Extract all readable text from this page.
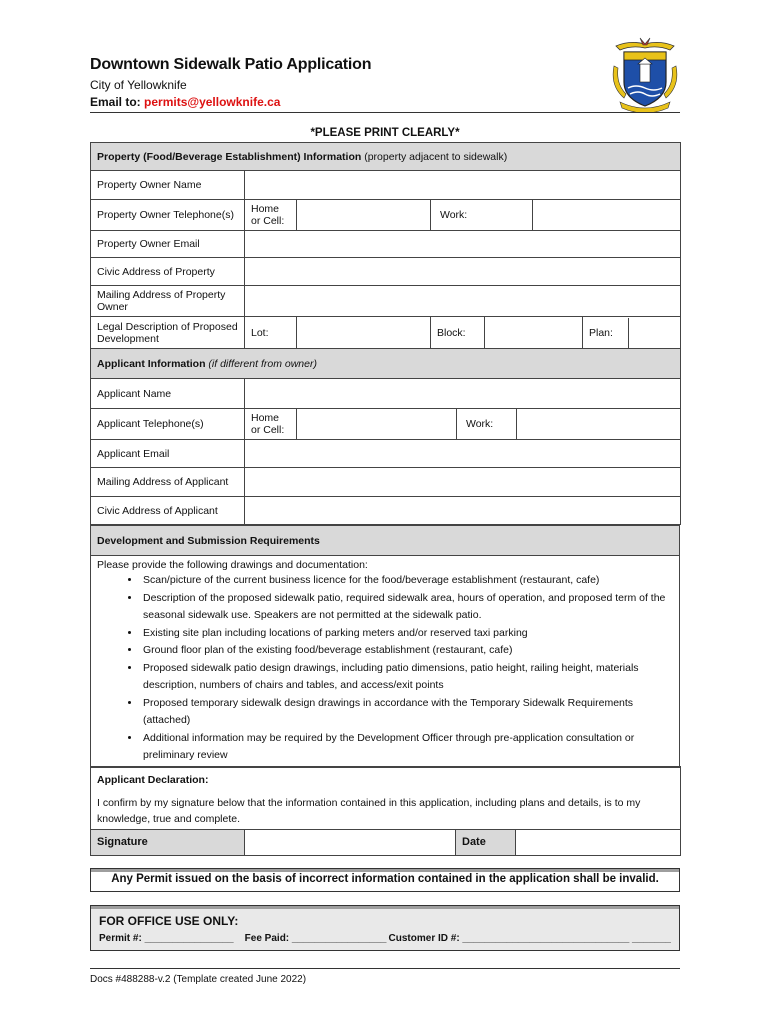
Downtown Sidewalk Patio Application
City of Yellowknife
Email to: permits@yellowknife.ca
*PLEASE PRINT CLEARLY*
Property (Food/Beverage Establishment) Information (property adjacent to sidewalk)						
Property Owner Name						
Property Owner Telephone(s)	Home or Cell:		Work:			
Property Owner Email						
Civic Address of Property						
Mailing Address of Property Owner						
Legal Description of Proposed Development	Lot:		Block:			Plan:
Applicant Information (if different from owner)				
Applicant Name				
Applicant Telephone(s)	Home or Cell:		Work:	
Applicant Email				
Mailing Address of Applicant				
Civic Address of Applicant				
Development and Submission Requirements

Please provide the following drawings and documentation:
• Scan/picture of the current business licence for the food/beverage establishment (restaurant, cafe)
• Description of the proposed sidewalk patio, required sidewalk area, hours of operation, and proposed term of the seasonal sidewalk use. Speakers are not permitted at the sidewalk patio.
• Existing site plan including locations of parking meters and/or reserved taxi parking
• Ground floor plan of the existing food/beverage establishment (restaurant, cafe)
• Proposed sidewalk patio design drawings, including patio dimensions, patio height, railing height, materials description, numbers of chairs and tables, and access/exit points
• Proposed temporary sidewalk design drawings in accordance with the Temporary Sidewalk Requirements (attached)
• Additional information may be required by the Development Officer through pre-application consultation or preliminary review
Applicant Declaration:
I confirm by my signature below that the information contained in this application, including plans and details, is to my knowledge, true and complete.
Signature		Date	
Any Permit issued on the basis of incorrect information contained in the application shall be invalid.
FOR OFFICE USE ONLY:
Permit #: ________________	Fee Paid: _________________ Customer ID #: ______________________________ _______
Docs #488288-v.2 (Template created June 2022)
